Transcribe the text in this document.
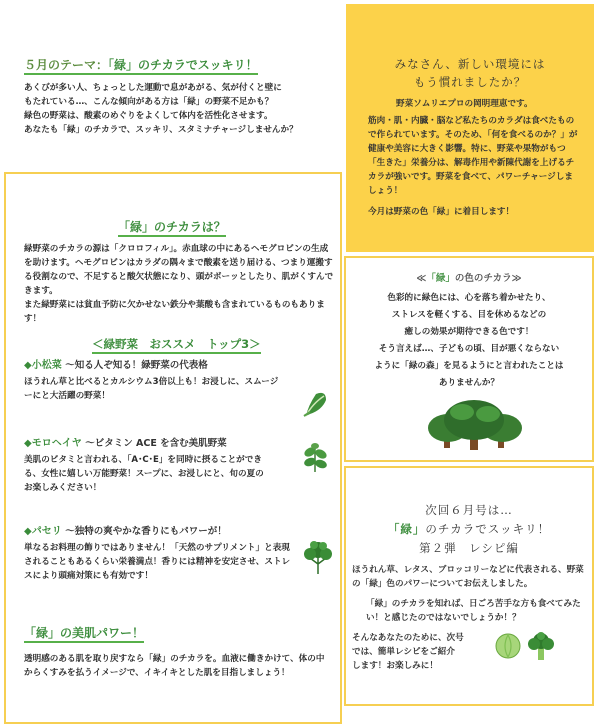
５月のテーマ：「緑」のチカラでスッキリ！
あくびが多い人、ちょっとした運動で息があがる、気が付くと壁に
もたれている…、こんな傾向がある方は「緑」の野菜不足かも？
緑色の野菜は、酸素のめぐりをよくして体内を活性化させます。
あなたも「緑」のチカラで、スッキリ、スタミナチャージしませんか？
みなさん、新しい環境には
もう慣れましたか？
野菜ソムリエプロの岡明理恵です。
筋肉・肌・内臓・脳など私たちのカラダは食べたもので作られています。そのため、「何を食べるのか？」が健康や美容に大きく影響。特に、野菜や果物がもつ「生きた」栄養分は、解毒作用や新陳代謝を上げるチカラが強いです。野菜を食べて、パワーチャージしましょう！
今月は野菜の色「緑」に着目します！
「緑」のチカラは？
緑野菜のチカラの源は「クロロフィル」。赤血球の中にあるヘモグロビンの生成を助けます。ヘモグロビンはカラダの隅々まで酸素を送り届ける、つまり運搬する役割なので、不足すると酸欠状態になり、頭がボーッとしたり、肌がくすんできます。
また緑野菜には貧血予防に欠かせない鉄分や葉酸も含まれているものもあります！
＜緑野菜　おススメ　トップ3＞
◆小松菜 〜知る人ぞ知る！緑野菜の代表格
ほうれん草と比べるとカルシウム3倍以上も！お浸しに、スムージーにと大活躍の野菜！
◆モロヘイヤ 〜ビタミン ACE を含む美肌野菜
美肌のビタミと言われる、「A･C･E」を同時に摂ることができる、女性に嬉しい万能野菜！スープに、お浸しにと、旬の夏のお楽しみください！
◆パセリ 〜独特の爽やかな香りにもパワーが！
単なるお料理の飾りではありません！「天然のサプリメント」と表現されることもあるくらい栄養満点！香りには精神を安定させ、ストレスにより頭痛対策にも有効です！
「緑」の美肌パワー！
透明感のある肌を取り戻すなら「緑」のチカラを。血液に働きかけて、体の中からくすみを払うイメージで、イキイキとした肌を目指しましょう！
≪「緑」の色のチカラ≫
色彩的に緑色には、心を落ち着かせたり、
ストレスを軽くする、目を休めるなどの
癒しの効果が期待できる色です！
そう言えば…、子どもの頃、目が悪くならない
ように「緑の森」を見るようにと言われたことは
ありませんか？
次回６月号は…
「緑」のチカラでスッキリ！
第２弾　レシピ編
ほうれん草、レタス、ブロッコリーなどに代表される、野菜の「緑」色のパワーについてお伝えしました。
「緑」のチカラを知れば、日ごろ苦手な方も食べてみたい！と感じたのではないでしょうか！？
そんなあなたのために、次号
では、簡単レシピをご紹介
します！お楽しみに！
